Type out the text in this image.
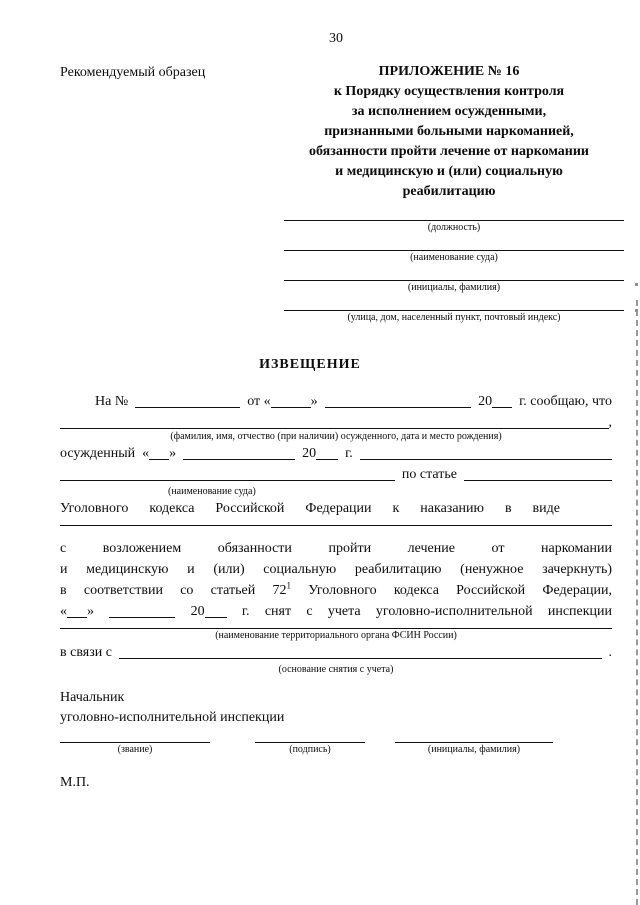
30
Рекомендуемый образец	ПРИЛОЖЕНИЕ № 16
к Порядку осуществления контроля
за исполнением осужденными,
признанными больными наркоманией,
обязанности пройти лечение от наркомании
и медицинскую и (или) социальную
реабилитацию
(должность)
(наименование суда)
(инициалы, фамилия)
(улица, дом, населенный пункт, почтовый индекс)
ИЗВЕЩЕНИЕ
На №	от «	»	20 г. сообщаю, что
,
(фамилия, имя, отчество (при наличии) осужденного, дата и место рождения)
осужденный « »	20 г.
по статье
(наименование суда)
Уголовного кодекса Российской Федерации к наказанию в виде
с возложением обязанности пройти лечение от наркомании
и медицинскую и (или) социальную реабилитацию (ненужное зачеркнуть)
в соответствии со статьей $72^1$ Уголовного кодекса Российской Федерации,
« »	20	г. снят с учета уголовно-исполнительной инспекции
(наименование территориального органа ФСИН России)
в связи с	.
(основание снятия с учета)
Начальник
уголовно-исполнительной инспекции
(звание)	(подпись)	(инициалы, фамилия)
М.П.
